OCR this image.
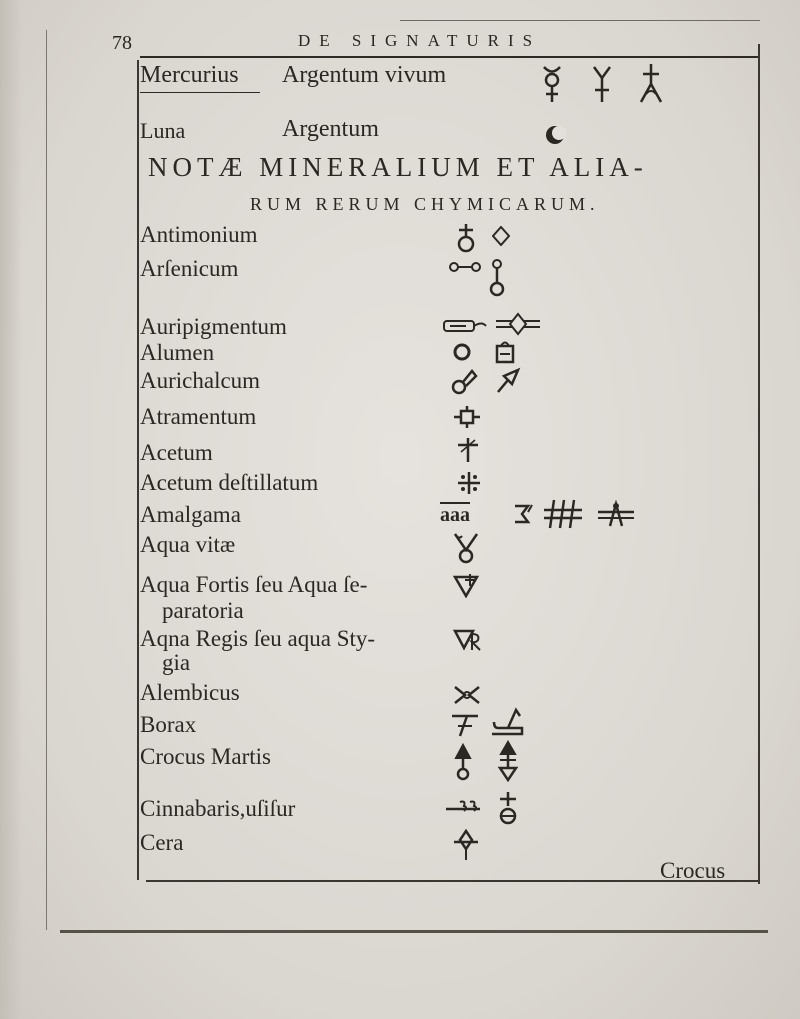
78	DE SIGNATURIS
Mercurius Argentum vivum
Luna	Argentum
NOTÆ MINERALIUM ET ALIA-
RUM RERUM CHYMICARUM.
Antimonium
Arſenicum
Auripigmentum
Alumen
Aurichalcum
Atramentum
Acetum
Acetum deſtillatum
Amalgama	$\overline{aaa}$
Aqua vitæ
Aqua Fortis ſeu Aqua ſe-
paratoria
Aqna Regis ſeu aqua Sty-
gia
Alembicus
Borax
Crocus Martis
Cinnabaris,uſiſur
Cera
Crocus
